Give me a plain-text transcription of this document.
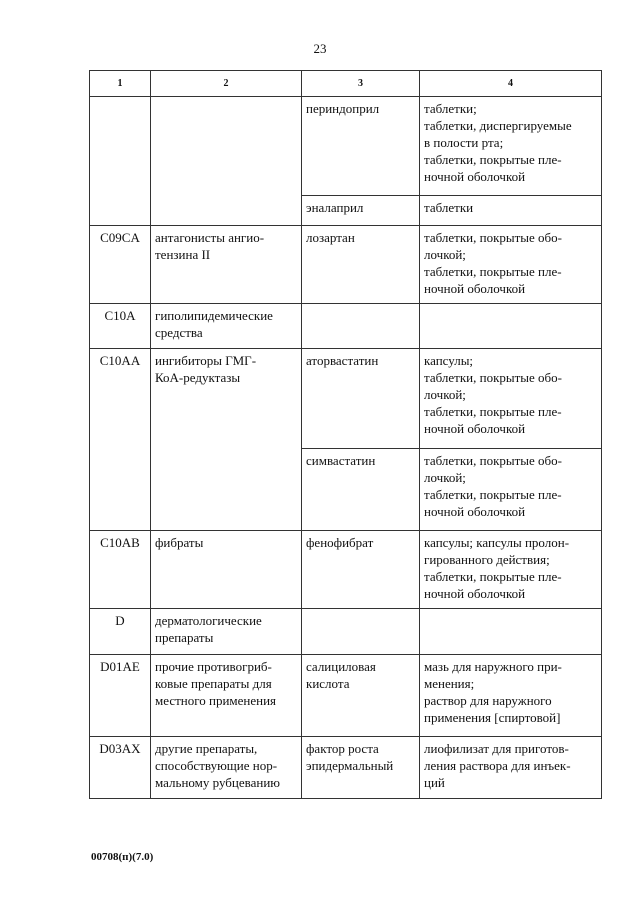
23
1	2	3	4
		периндоприл	таблетки;
таблетки, диспергируемые
в полости рта;
таблетки, покрытые пле-
ночной оболочкой

		эналаприл	таблетки

C09CA	антагонисты ангио-
тензина II	лозартан	таблетки, покрытые обо-
лочкой;
таблетки, покрытые пле-
ночной оболочкой

C10A	гиполипидемические
средства		

C10AA	ингибиторы ГМГ-
КоА-редуктазы	аторвастатин	капсулы;
таблетки, покрытые обо-
лочкой;
таблетки, покрытые пле-
ночной оболочкой

		симвастатин	таблетки, покрытые обо-
лочкой;
таблетки, покрытые пле-
ночной оболочкой

C10AB	фибраты	фенофибрат	капсулы; капсулы пролон-
гированного действия;
таблетки, покрытые пле-
ночной оболочкой

D	дерматологические
препараты		

D01AE	прочие противогриб-
ковые препараты для
местного применения	салициловая кислота	мазь для наружного при-
менения;
раствор для наружного
применения [спиртовой]

D03AX	другие препараты,
способствующие нор-
мальному рубцеванию	фактор роста эпидермальный	лиофилизат для приготов-
ления раствора для инъек-
ций
00708(п)(7.0)
